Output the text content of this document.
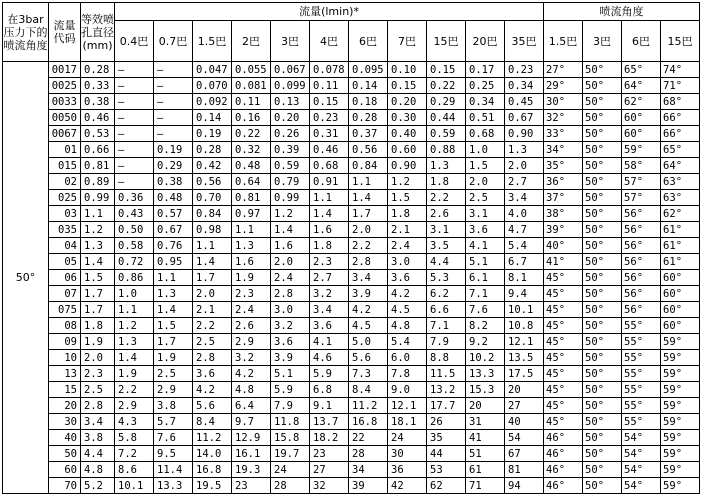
在3bar压力下的喷流角度	流量代码	等效喷孔直径(mm)	流量(lmin)*											喷流角度			
			0.4巴	0.7巴	1.5巴	2巴	3巴	4巴	6巴	7巴	15巴	20巴	35巴	1.5巴	3巴	6巴	15巴
50°	0017	0.28	–	–	0.047	0.055	0.067	0.078	0.095	0.10	0.15	0.17	0.23	27°	50°	65°	74°
	0025	0.33	–	–	0.070	0.081	0.099	0.11	0.14	0.15	0.22	0.25	0.34	29°	50°	64°	71°
	0033	0.38	–	–	0.092	0.11	0.13	0.15	0.18	0.20	0.29	0.34	0.45	30°	50°	62°	68°
	0050	0.46	–	–	0.14	0.16	0.20	0.23	0.28	0.30	0.44	0.51	0.67	32°	50°	60°	66°
	0067	0.53	–	–	0.19	0.22	0.26	0.31	0.37	0.40	0.59	0.68	0.90	33°	50°	60°	66°
	01	0.66	–	0.19	0.28	0.32	0.39	0.46	0.56	0.60	0.88	1.0	1.3	34°	50°	59°	65°
	015	0.81	–	0.29	0.42	0.48	0.59	0.68	0.84	0.90	1.3	1.5	2.0	35°	50°	58°	64°
	02	0.89	–	0.38	0.56	0.64	0.79	0.91	1.1	1.2	1.8	2.0	2.7	36°	50°	57°	63°
	025	0.99	0.36	0.48	0.70	0.81	0.99	1.1	1.4	1.5	2.2	2.5	3.4	37°	50°	57°	63°
	03	1.1	0.43	0.57	0.84	0.97	1.2	1.4	1.7	1.8	2.6	3.1	4.0	38°	50°	56°	62°
	035	1.2	0.50	0.67	0.98	1.1	1.4	1.6	2.0	2.1	3.1	3.6	4.7	39°	50°	56°	61°
	04	1.3	0.58	0.76	1.1	1.3	1.6	1.8	2.2	2.4	3.5	4.1	5.4	40°	50°	56°	61°
	05	1.4	0.72	0.95	1.4	1.6	2.0	2.3	2.8	3.0	4.4	5.1	6.7	41°	50°	56°	61°
	06	1.5	0.86	1.1	1.7	1.9	2.4	2.7	3.4	3.6	5.3	6.1	8.1	45°	50°	56°	60°
	07	1.7	1.0	1.3	2.0	2.3	2.8	3.2	3.9	4.2	6.2	7.1	9.4	45°	50°	56°	60°
	075	1.7	1.1	1.4	2.1	2.4	3.0	3.4	4.2	4.5	6.6	7.6	10.1	45°	50°	56°	60°
	08	1.8	1.2	1.5	2.2	2.6	3.2	3.6	4.5	4.8	7.1	8.2	10.8	45°	50°	55°	60°
	09	1.9	1.3	1.7	2.5	2.9	3.6	4.1	5.0	5.4	7.9	9.2	12.1	45°	50°	55°	59°
	10	2.0	1.4	1.9	2.8	3.2	3.9	4.6	5.6	6.0	8.8	10.2	13.5	45°	50°	55°	59°
	13	2.3	1.9	2.5	3.6	4.2	5.1	5.9	7.3	7.8	11.5	13.3	17.5	45°	50°	55°	59°
	15	2.5	2.2	2.9	4.2	4.8	5.9	6.8	8.4	9.0	13.2	15.3	20	45°	50°	55°	59°
	20	2.8	2.9	3.8	5.6	6.4	7.9	9.1	11.2	12.1	17.7	20	27	45°	50°	55°	59°
	30	3.4	4.3	5.7	8.4	9.7	11.8	13.7	16.8	18.1	26	31	40	45°	50°	55°	59°
	40	3.8	5.8	7.6	11.2	12.9	15.8	18.2	22	24	35	41	54	46°	50°	54°	59°
	50	4.4	7.2	9.5	14.0	16.1	19.7	23	28	30	44	51	67	46°	50°	54°	59°
	60	4.8	8.6	11.4	16.8	19.3	24	27	34	36	53	61	81	46°	50°	54°	59°
	70	5.2	10.1	13.3	19.5	23	28	32	39	42	62	71	94	46°	50°	54°	59°
